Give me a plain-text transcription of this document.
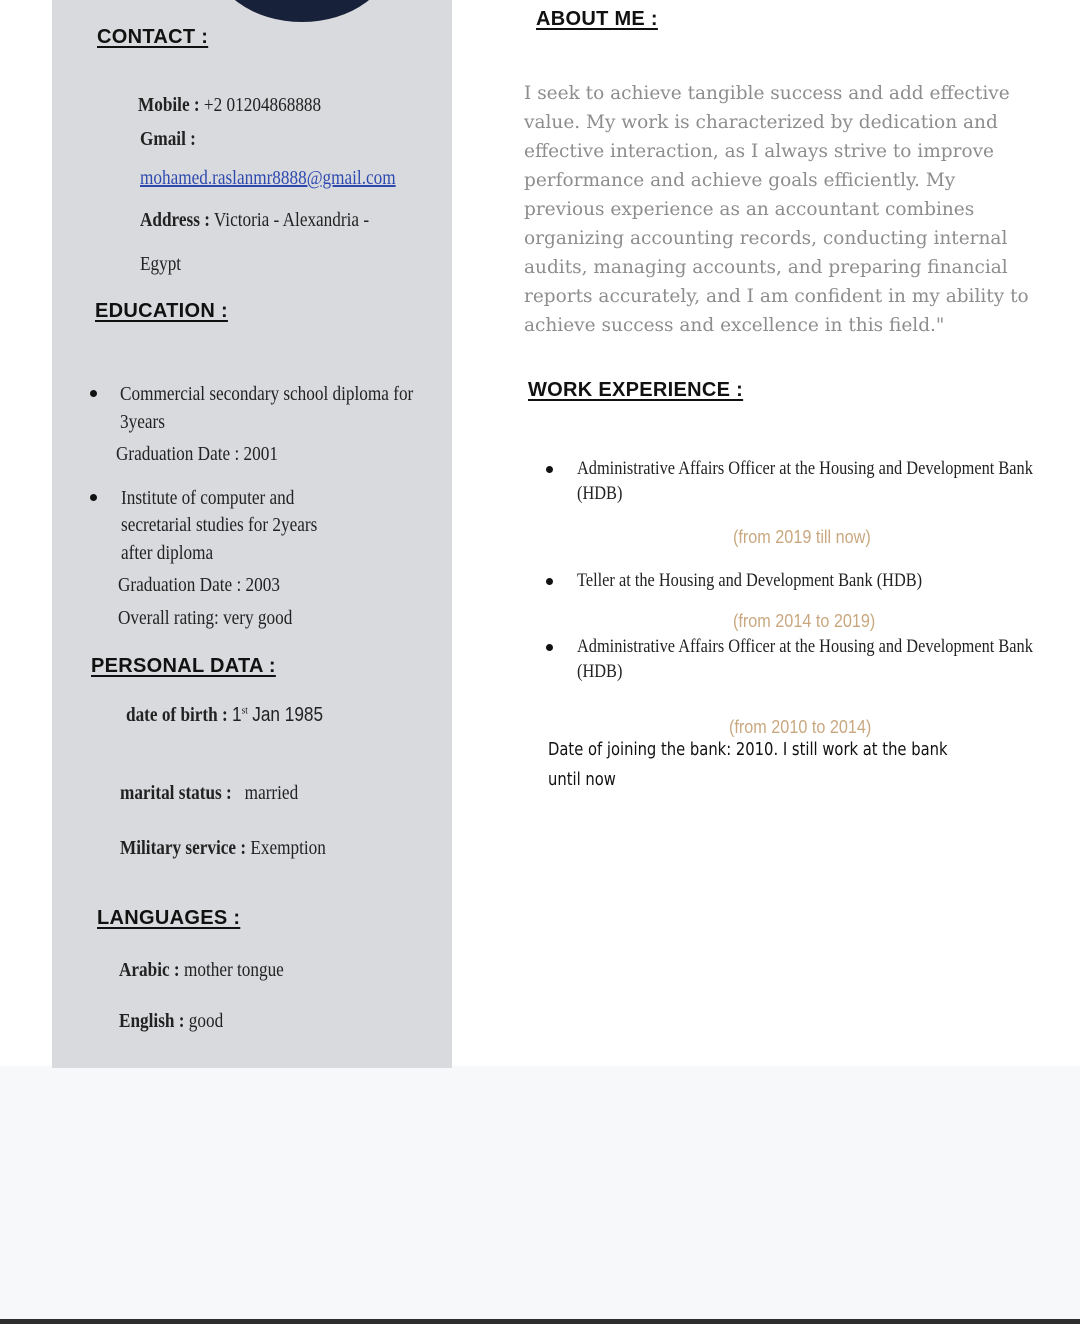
CONTACT :
Mobile : +2 01204868888
Gmail :
mohamed.raslanmr8888@gmail.com
Address : Victoria - Alexandria -
Egypt
EDUCATION :
Commercial secondary school diploma for
3years
Graduation Date : 2001
Institute of computer and
secretarial studies for 2years
after diploma
Graduation Date : 2003
Overall rating: very good
PERSONAL DATA :
date of birth : 1st Jan 1985
marital status : married
Military service : Exemption
LANGUAGES :
Arabic : mother tongue
English : good
ABOUT ME :
I seek to achieve tangible success and add effective
value. My work is characterized by dedication and
effective interaction, as I always strive to improve
performance and achieve goals efficiently. My
previous experience as an accountant combines
organizing accounting records, conducting internal
audits, managing accounts, and preparing financial
reports accurately, and I am confident in my ability to
achieve success and excellence in this field."
WORK EXPERIENCE :
Administrative Affairs Officer at the Housing and Development Bank
(HDB)
(from 2019 till now)
Teller at the Housing and Development Bank (HDB)
(from 2014 to 2019)
Administrative Affairs Officer at the Housing and Development Bank
(HDB)
(from 2010 to 2014)
Date of joining the bank: 2010. I still work at the bank
until now
